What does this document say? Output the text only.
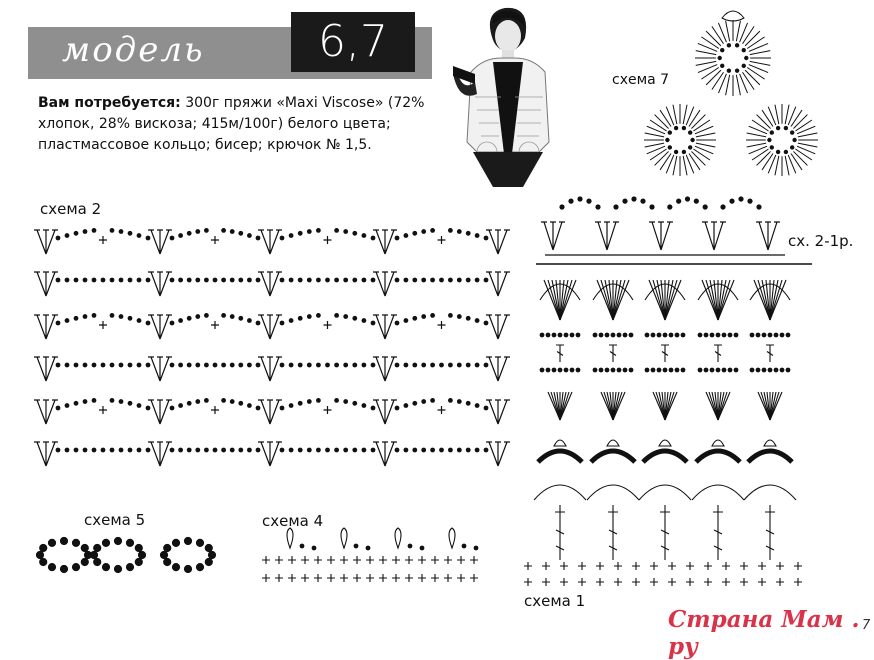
модель	6,7
Вам потребуется: 300г пряжи «Maxi Viscose» (72% хлопок, 28% вискоза; 415м/100г) белого цвета; пластмассовое кольцо; бисер; крючок № 1,5.
схема 7
схема 2
сх. 2-1р.
схема 5	схема 4
схема 1
Страна Мам . ру
7
